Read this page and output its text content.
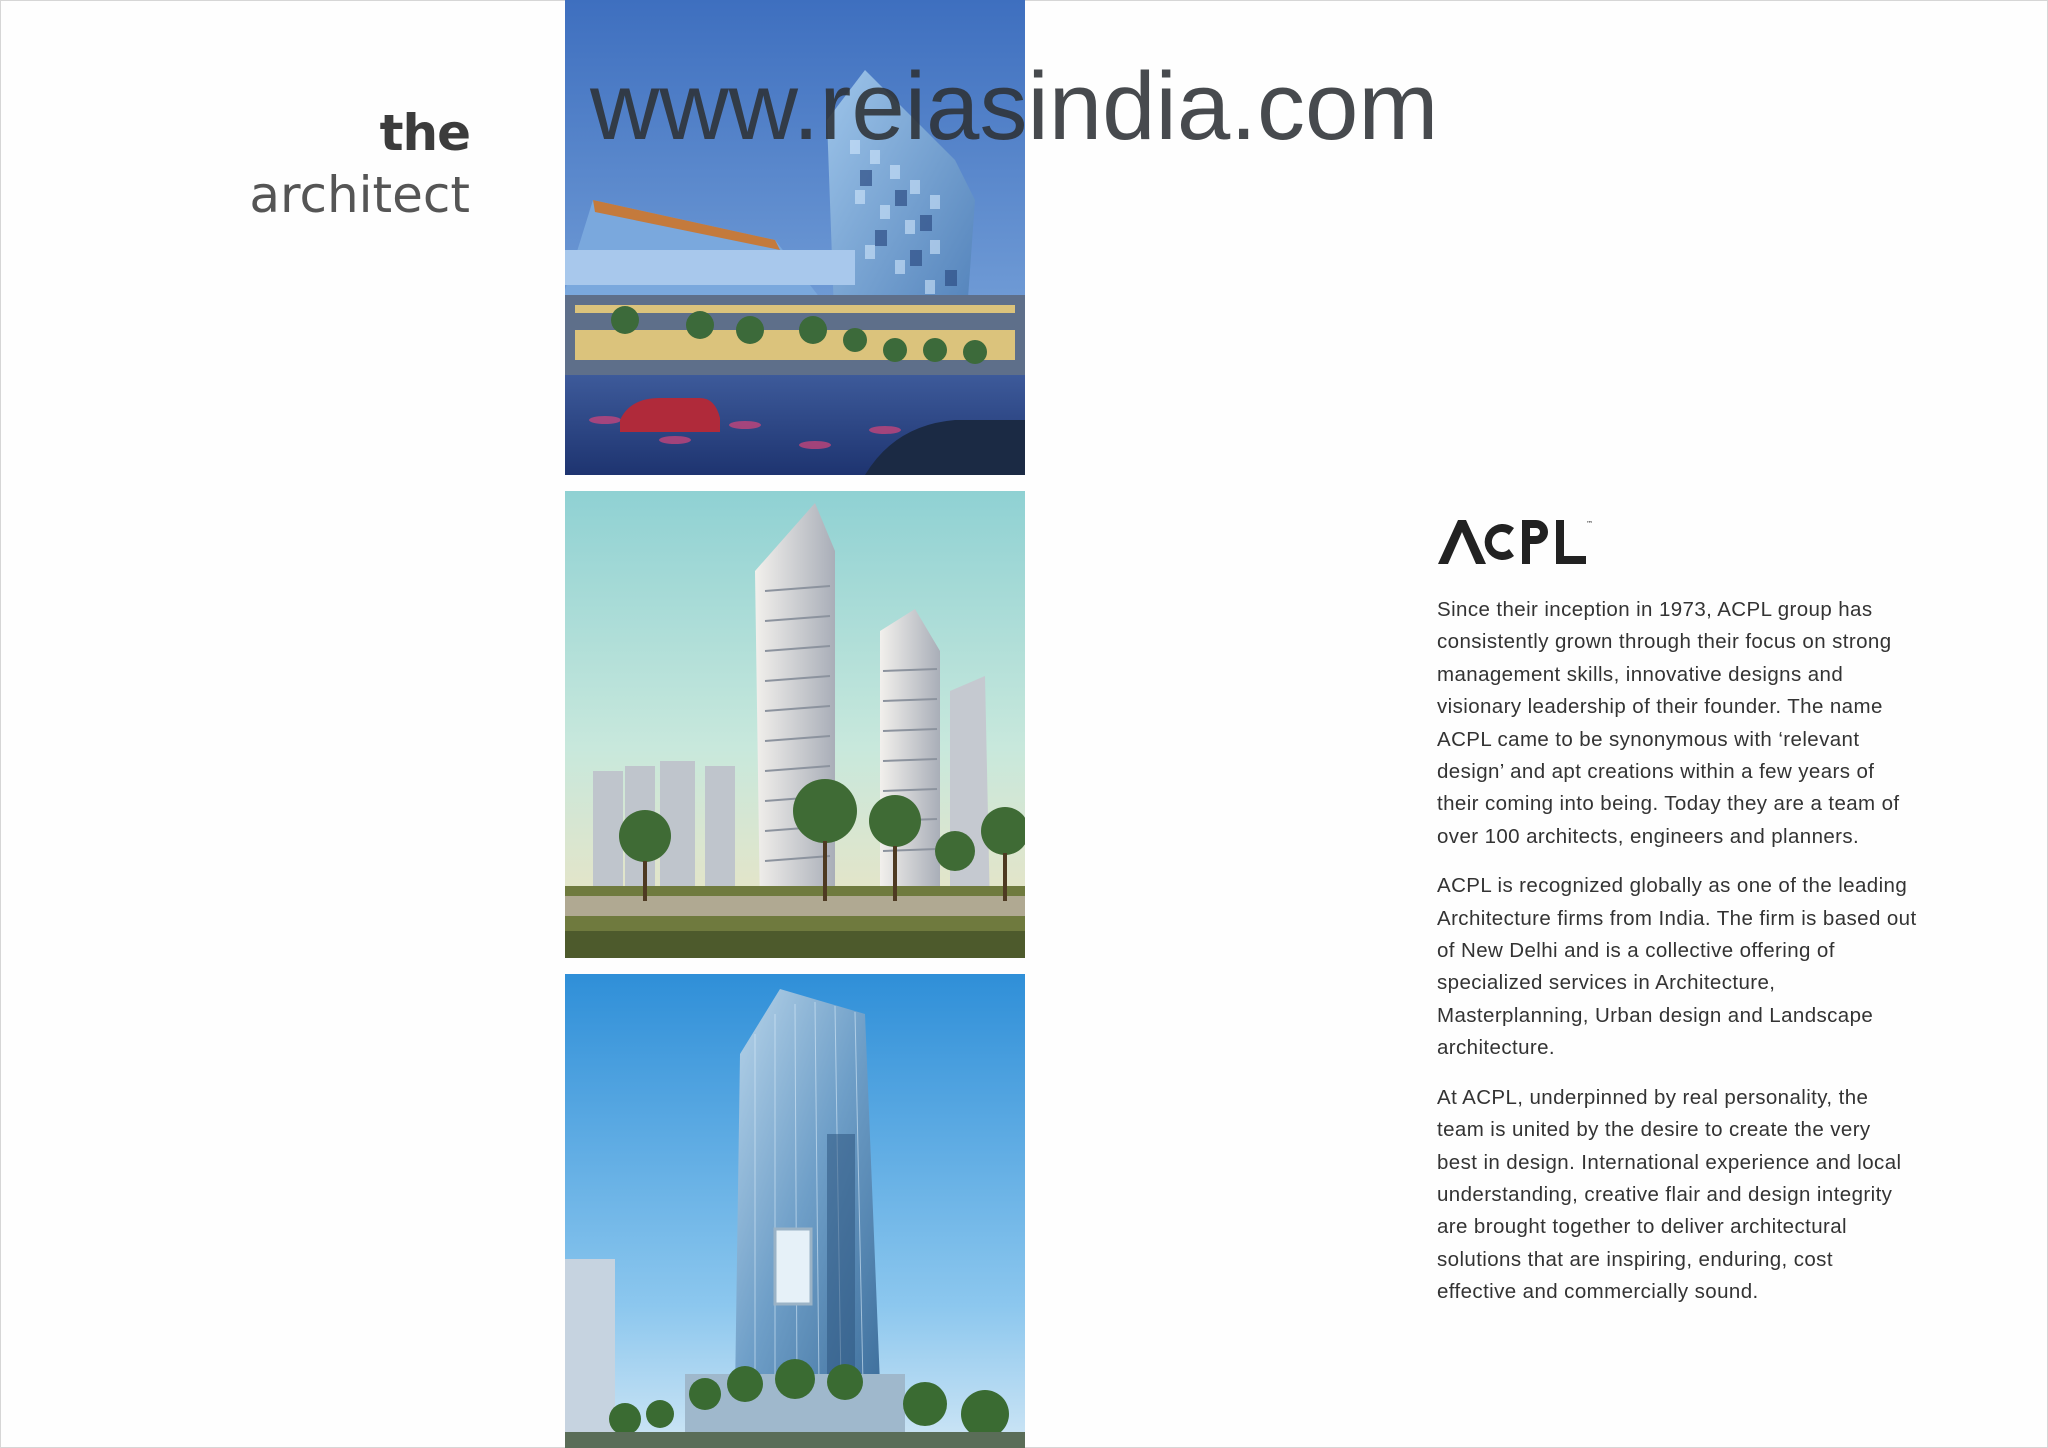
the
architect
www.reiasindia.com
™

Since their inception in 1973, ACPL group has consistently grown through their focus on strong management skills, innovative designs and visionary leadership of their founder. The name ACPL came to be synonymous with ‘relevant design’ and apt creations within a few years of their coming into being. Today they are a team of over 100 architects, engineers and planners.

ACPL is recognized globally as one of the leading Architecture firms from India. The firm is based out of New Delhi and is a collective offering of specialized services in Architecture, Masterplanning, Urban design and Landscape architecture.

At ACPL, underpinned by real personality, the team is united by the desire to create the very best in design. International experience and local understanding, creative flair and design integrity are brought together to deliver architectural solutions that are inspiring, enduring, cost effective and commercially sound.
